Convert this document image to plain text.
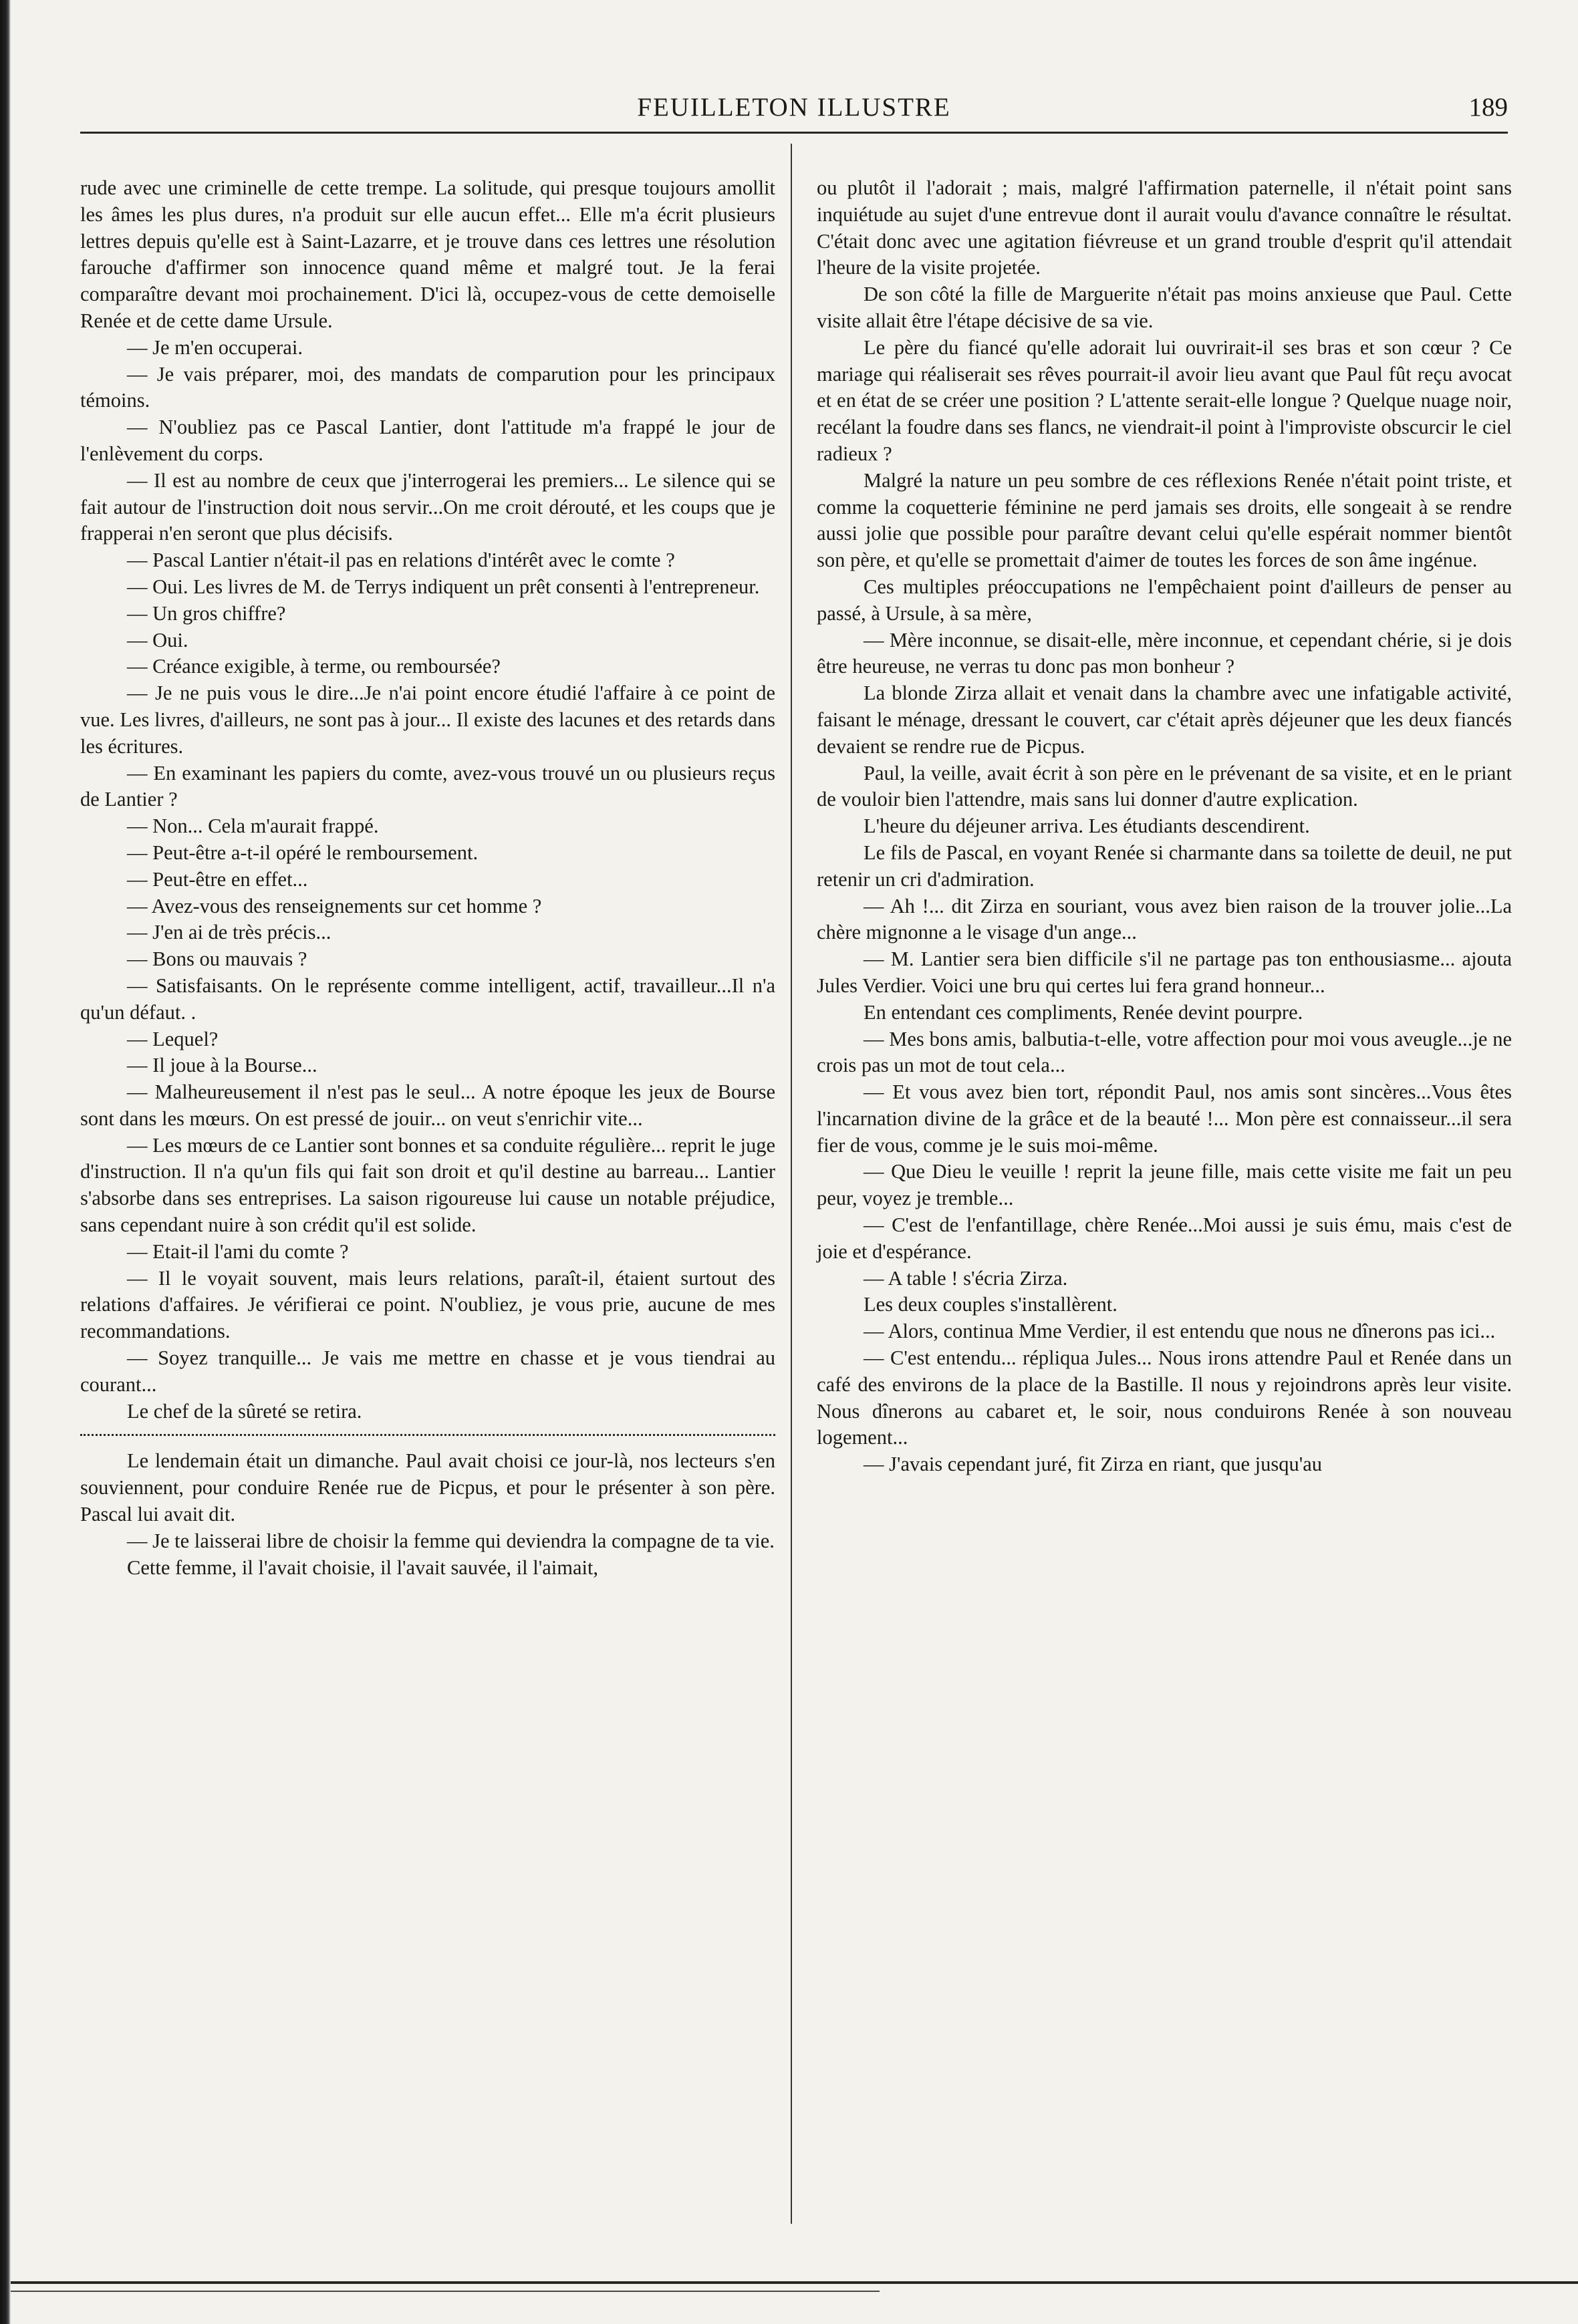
FEUILLETON ILLUSTRE	189

rude avec une criminelle de cette trempe. La solitude, qui presque toujours amollit les âmes les plus dures, n'a produit sur elle aucun effet... Elle m'a écrit plusieurs lettres depuis qu'elle est à Saint-Lazarre, et je trouve dans ces lettres une résolution farouche d'affirmer son innocence quand même et malgré tout. Je la ferai comparaître devant moi prochainement. D'ici là, occupez-vous de cette demoiselle Renée et de cette dame Ursule.

— Je m'en occuperai.

— Je vais préparer, moi, des mandats de comparution pour les principaux témoins.

— N'oubliez pas ce Pascal Lantier, dont l'attitude m'a frappé le jour de l'enlèvement du corps.

— Il est au nombre de ceux que j'interrogerai les premiers... Le silence qui se fait autour de l'instruction doit nous servir...On me croit dérouté, et les coups que je frapperai n'en seront que plus décisifs.

— Pascal Lantier n'était-il pas en relations d'intérêt avec le comte ?

— Oui. Les livres de M. de Terrys indiquent un prêt consenti à l'entrepreneur.

— Un gros chiffre?

— Oui.

— Créance exigible, à terme, ou remboursée?

— Je ne puis vous le dire...Je n'ai point encore étudié l'affaire à ce point de vue. Les livres, d'ailleurs, ne sont pas à jour... Il existe des lacunes et des retards dans les écritures.

— En examinant les papiers du comte, avez-vous trouvé un ou plusieurs reçus de Lantier ?

— Non... Cela m'aurait frappé.

— Peut-être a-t-il opéré le remboursement.

— Peut-être en effet...

— Avez-vous des renseignements sur cet homme ?

— J'en ai de très précis...

— Bons ou mauvais ?

— Satisfaisants. On le représente comme intelligent, actif, travailleur...Il n'a qu'un défaut. .

— Lequel?

— Il joue à la Bourse...

— Malheureusement il n'est pas le seul... A notre époque les jeux de Bourse sont dans les mœurs. On est pressé de jouir... on veut s'enrichir vite...

— Les mœurs de ce Lantier sont bonnes et sa conduite régulière... reprit le juge d'instruction. Il n'a qu'un fils qui fait son droit et qu'il destine au barreau... Lantier s'absorbe dans ses entreprises. La saison rigoureuse lui cause un notable préjudice, sans cependant nuire à son crédit qu'il est solide.

— Etait-il l'ami du comte ?

— Il le voyait souvent, mais leurs relations, paraît-il, étaient surtout des relations d'affaires. Je vérifierai ce point. N'oubliez, je vous prie, aucune de mes recommandations.

— Soyez tranquille... Je vais me mettre en chasse et je vous tiendrai au courant...

Le chef de la sûreté se retira.

Le lendemain était un dimanche. Paul avait choisi ce jour-là, nos lecteurs s'en souviennent, pour conduire Renée rue de Picpus, et pour le présenter à son père. Pascal lui avait dit.

— Je te laisserai libre de choisir la femme qui deviendra la compagne de ta vie.

Cette femme, il l'avait choisie, il l'avait sauvée, il l'aimait,

ou plutôt il l'adorait ; mais, malgré l'affirmation paternelle, il n'était point sans inquiétude au sujet d'une entrevue dont il aurait voulu d'avance connaître le résultat. C'était donc avec une agitation fiévreuse et un grand trouble d'esprit qu'il attendait l'heure de la visite projetée.

De son côté la fille de Marguerite n'était pas moins anxieuse que Paul. Cette visite allait être l'étape décisive de sa vie.

Le père du fiancé qu'elle adorait lui ouvrirait-il ses bras et son cœur ? Ce mariage qui réaliserait ses rêves pourrait-il avoir lieu avant que Paul fût reçu avocat et en état de se créer une position ? L'attente serait-elle longue ? Quelque nuage noir, recélant la foudre dans ses flancs, ne viendrait-il point à l'improviste obscurcir le ciel radieux ?

Malgré la nature un peu sombre de ces réflexions Renée n'était point triste, et comme la coquetterie féminine ne perd jamais ses droits, elle songeait à se rendre aussi jolie que possible pour paraître devant celui qu'elle espérait nommer bientôt son père, et qu'elle se promettait d'aimer de toutes les forces de son âme ingénue.

Ces multiples préoccupations ne l'empêchaient point d'ailleurs de penser au passé, à Ursule, à sa mère,

— Mère inconnue, se disait-elle, mère inconnue, et cependant chérie, si je dois être heureuse, ne verras tu donc pas mon bonheur ?

La blonde Zirza allait et venait dans la chambre avec une infatigable activité, faisant le ménage, dressant le couvert, car c'était après déjeuner que les deux fiancés devaient se rendre rue de Picpus.

Paul, la veille, avait écrit à son père en le prévenant de sa visite, et en le priant de vouloir bien l'attendre, mais sans lui donner d'autre explication.

L'heure du déjeuner arriva. Les étudiants descendirent.

Le fils de Pascal, en voyant Renée si charmante dans sa toilette de deuil, ne put retenir un cri d'admiration.

— Ah !... dit Zirza en souriant, vous avez bien raison de la trouver jolie...La chère mignonne a le visage d'un ange...

— M. Lantier sera bien difficile s'il ne partage pas ton enthousiasme... ajouta Jules Verdier. Voici une bru qui certes lui fera grand honneur...

En entendant ces compliments, Renée devint pourpre.

— Mes bons amis, balbutia-t-elle, votre affection pour moi vous aveugle...je ne crois pas un mot de tout cela...

— Et vous avez bien tort, répondit Paul, nos amis sont sincères...Vous êtes l'incarnation divine de la grâce et de la beauté !... Mon père est connaisseur...il sera fier de vous, comme je le suis moi-même.

— Que Dieu le veuille ! reprit la jeune fille, mais cette visite me fait un peu peur, voyez je tremble...

— C'est de l'enfantillage, chère Renée...Moi aussi je suis ému, mais c'est de joie et d'espérance.

— A table ! s'écria Zirza.

Les deux couples s'installèrent.

— Alors, continua Mme Verdier, il est entendu que nous ne dînerons pas ici...

— C'est entendu... répliqua Jules... Nous irons attendre Paul et Renée dans un café des environs de la place de la Bastille. Il nous y rejoindrons après leur visite. Nous dînerons au cabaret et, le soir, nous conduirons Renée à son nouveau logement...

— J'avais cependant juré, fit Zirza en riant, que jusqu'au
